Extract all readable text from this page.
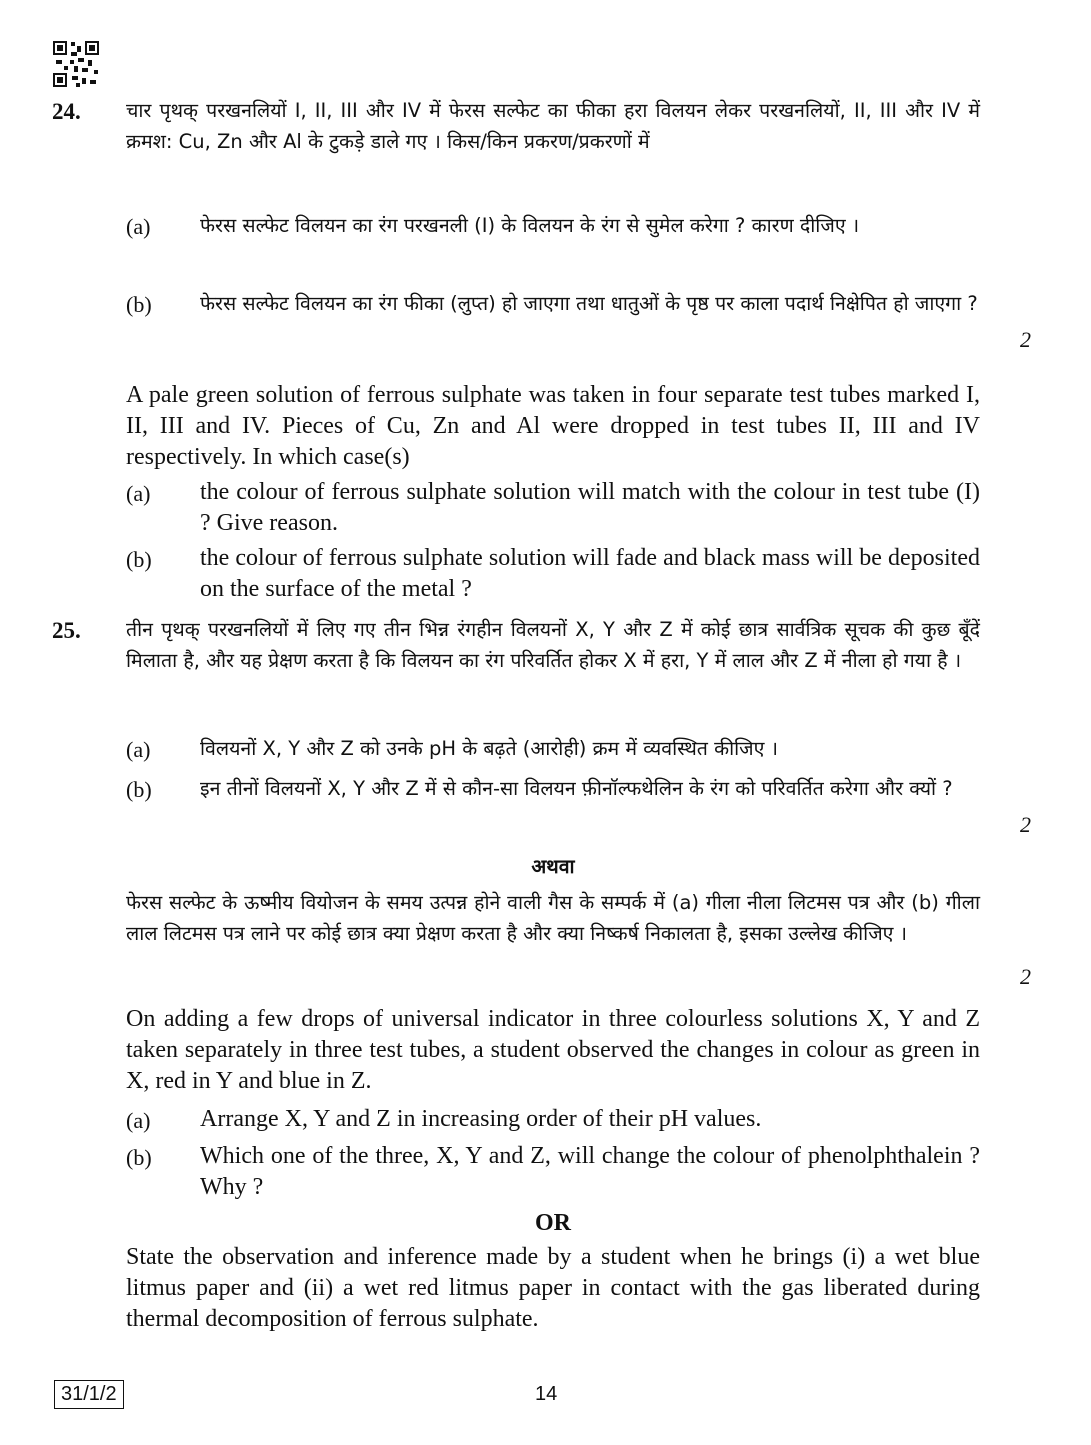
24. चार पृथक् परखनलियों I, II, III और IV में फेरस सल्फेट का फीका हरा विलयन लेकर परखनलियों, II, III और IV में क्रमश: Cu, Zn और Al के टुकड़े डाले गए । किस/किन प्रकरण/प्रकरणों में
(a)	फेरस सल्फेट विलयन का रंग परखनली (I) के विलयन के रंग से सुमेल करेगा ? कारण दीजिए ।
(b) फेरस सल्फेट विलयन का रंग फीका (लुप्त) हो जाएगा तथा धातुओं के पृष्ठ पर काला पदार्थ निक्षेपित हो जाएगा ?
2
A pale green solution of ferrous sulphate was taken in four separate test tubes marked I, II, III and IV. Pieces of Cu, Zn and Al were dropped in test tubes II, III and IV respectively. In which case(s)
(a) the colour of ferrous sulphate solution will match with the colour in test tube (I) ? Give reason.
(b) the colour of ferrous sulphate solution will fade and black mass will be deposited on the surface of the metal ?
25. तीन पृथक् परखनलियों में लिए गए तीन भिन्न रंगहीन विलयनों X, Y और Z में कोई छात्र सार्वत्रिक सूचक की कुछ बूँदें मिलाता है, और यह प्रेक्षण करता है कि विलयन का रंग परिवर्तित होकर X में हरा, Y में लाल और Z में नीला हो गया है ।
(a)	विलयनों X, Y और Z को उनके pH के बढ़ते (आरोही) क्रम में व्यवस्थित कीजिए ।
(b) इन तीनों विलयनों X, Y और Z में से कौन-सा विलयन फ़ीनॉल्फथेलिन के रंग को परिवर्तित करेगा और क्यों ?
2
अथवा
फेरस सल्फेट के ऊष्मीय वियोजन के समय उत्पन्न होने वाली गैस के सम्पर्क में (a) गीला नीला लिटमस पत्र और (b) गीला लाल लिटमस पत्र लाने पर कोई छात्र क्या प्रेक्षण करता है और क्या निष्कर्ष निकालता है, इसका उल्लेख कीजिए ।
2
On adding a few drops of universal indicator in three colourless solutions X, Y and Z taken separately in three test tubes, a student observed the changes in colour as green in X, red in Y and blue in Z.
(a) Arrange X, Y and Z in increasing order of their pH values.
(b) Which one of the three, X, Y and Z, will change the colour of phenolphthalein ? Why ?
OR
State the observation and inference made by a student when he brings (i) a wet blue litmus paper and (ii) a wet red litmus paper in contact with the gas liberated during thermal decomposition of ferrous sulphate.
31/1/2	14
